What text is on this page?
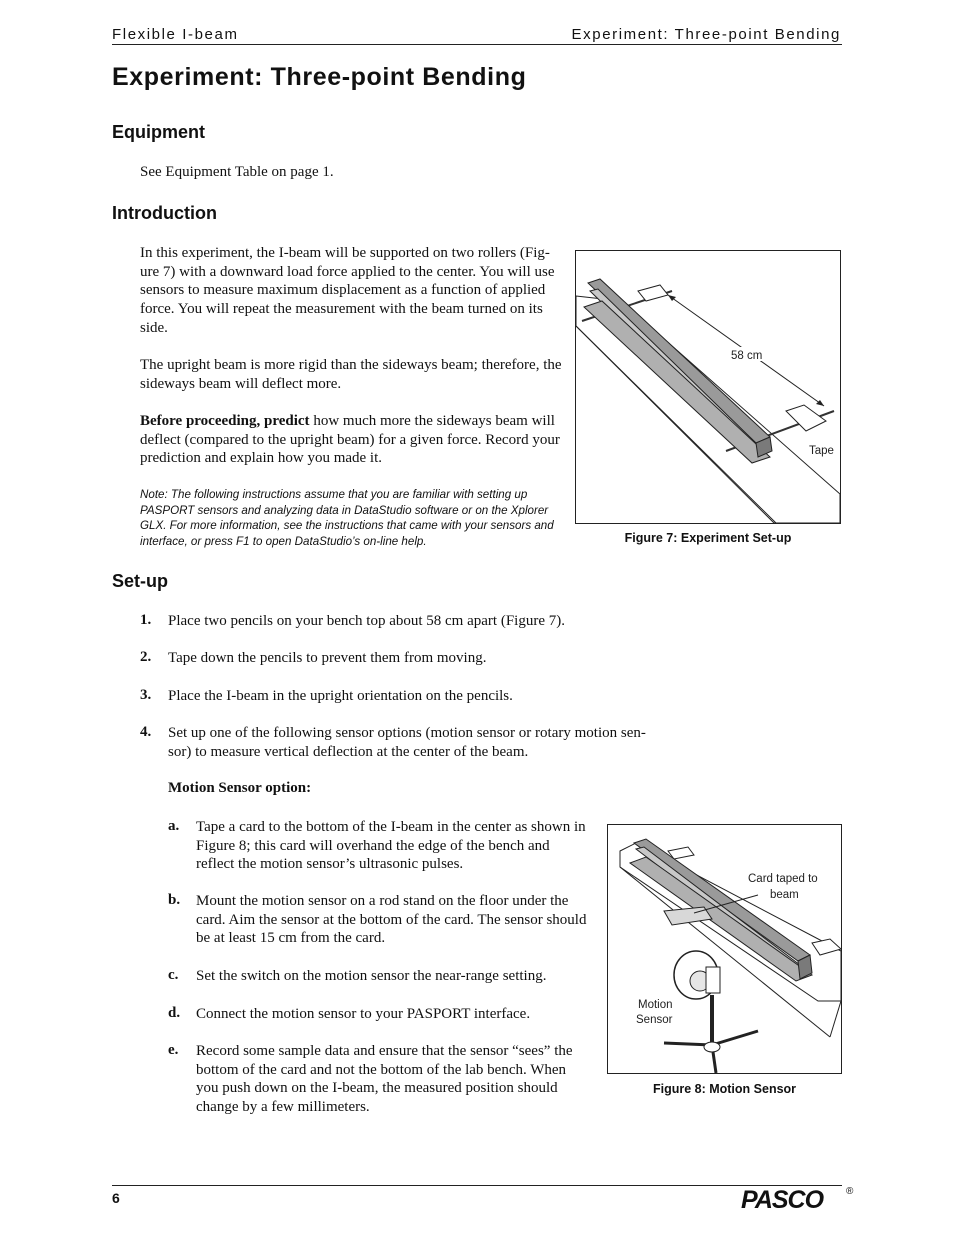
Flexible I-beam	Experiment: Three-point Bending
Experiment: Three-point Bending
Equipment

See Equipment Table on page 1.

Introduction

In this experiment, the I-beam will be supported on two rollers (Fig-ure 7) with a downward load force applied to the center. You will use sensors to measure maximum displacement as a function of applied force. You will repeat the measurement with the beam turned on its side.

The upright beam is more rigid than the sideways beam; therefore, the sideways beam will deflect more.

Before proceeding, predict how much more the sideways beam will deflect (compared to the upright beam) for a given force. Record your prediction and explain how you made it.

Note: The following instructions assume that you are familiar with setting up PASPORT sensors and analyzing data in DataStudio software or on the Xplorer GLX. For more information, see the instructions that came with your sensors and interface, or press F1 to open DataStudio’s on-line help.

58 cm
Tape
Figure 7: Experiment Set-up
Set-up
1. Place two pencils on your bench top about 58 cm apart (Figure 7).

2. Tape down the pencils to prevent them from moving.

3. Place the I-beam in the upright orientation on the pencils.

4. Set up one of the following sensor options (motion sensor or rotary motion sen-sor) to measure vertical deflection at the center of the beam.

Motion Sensor option:
a. Tape a card to the bottom of the I-beam in the center as shown in Figure 8; this card will overhand the edge of the bench and reflect the motion sensor’s ultrasonic pulses.

b. Mount the motion sensor on a rod stand on the floor under the card. Aim the sensor at the bottom of the card. The sensor should be at least 15 cm from the card.

c. Set the switch on the motion sensor the near-range setting.

d. Connect the motion sensor to your PASPORT interface.

e. Record some sample data and ensure that the sensor “sees” the bottom of the card and not the bottom of the lab bench. When you push down on the I-beam, the measured position should change by a few millimeters.

Card taped to
beam
Motion
Sensor
Figure 8: Motion Sensor
6	PASCO ®
